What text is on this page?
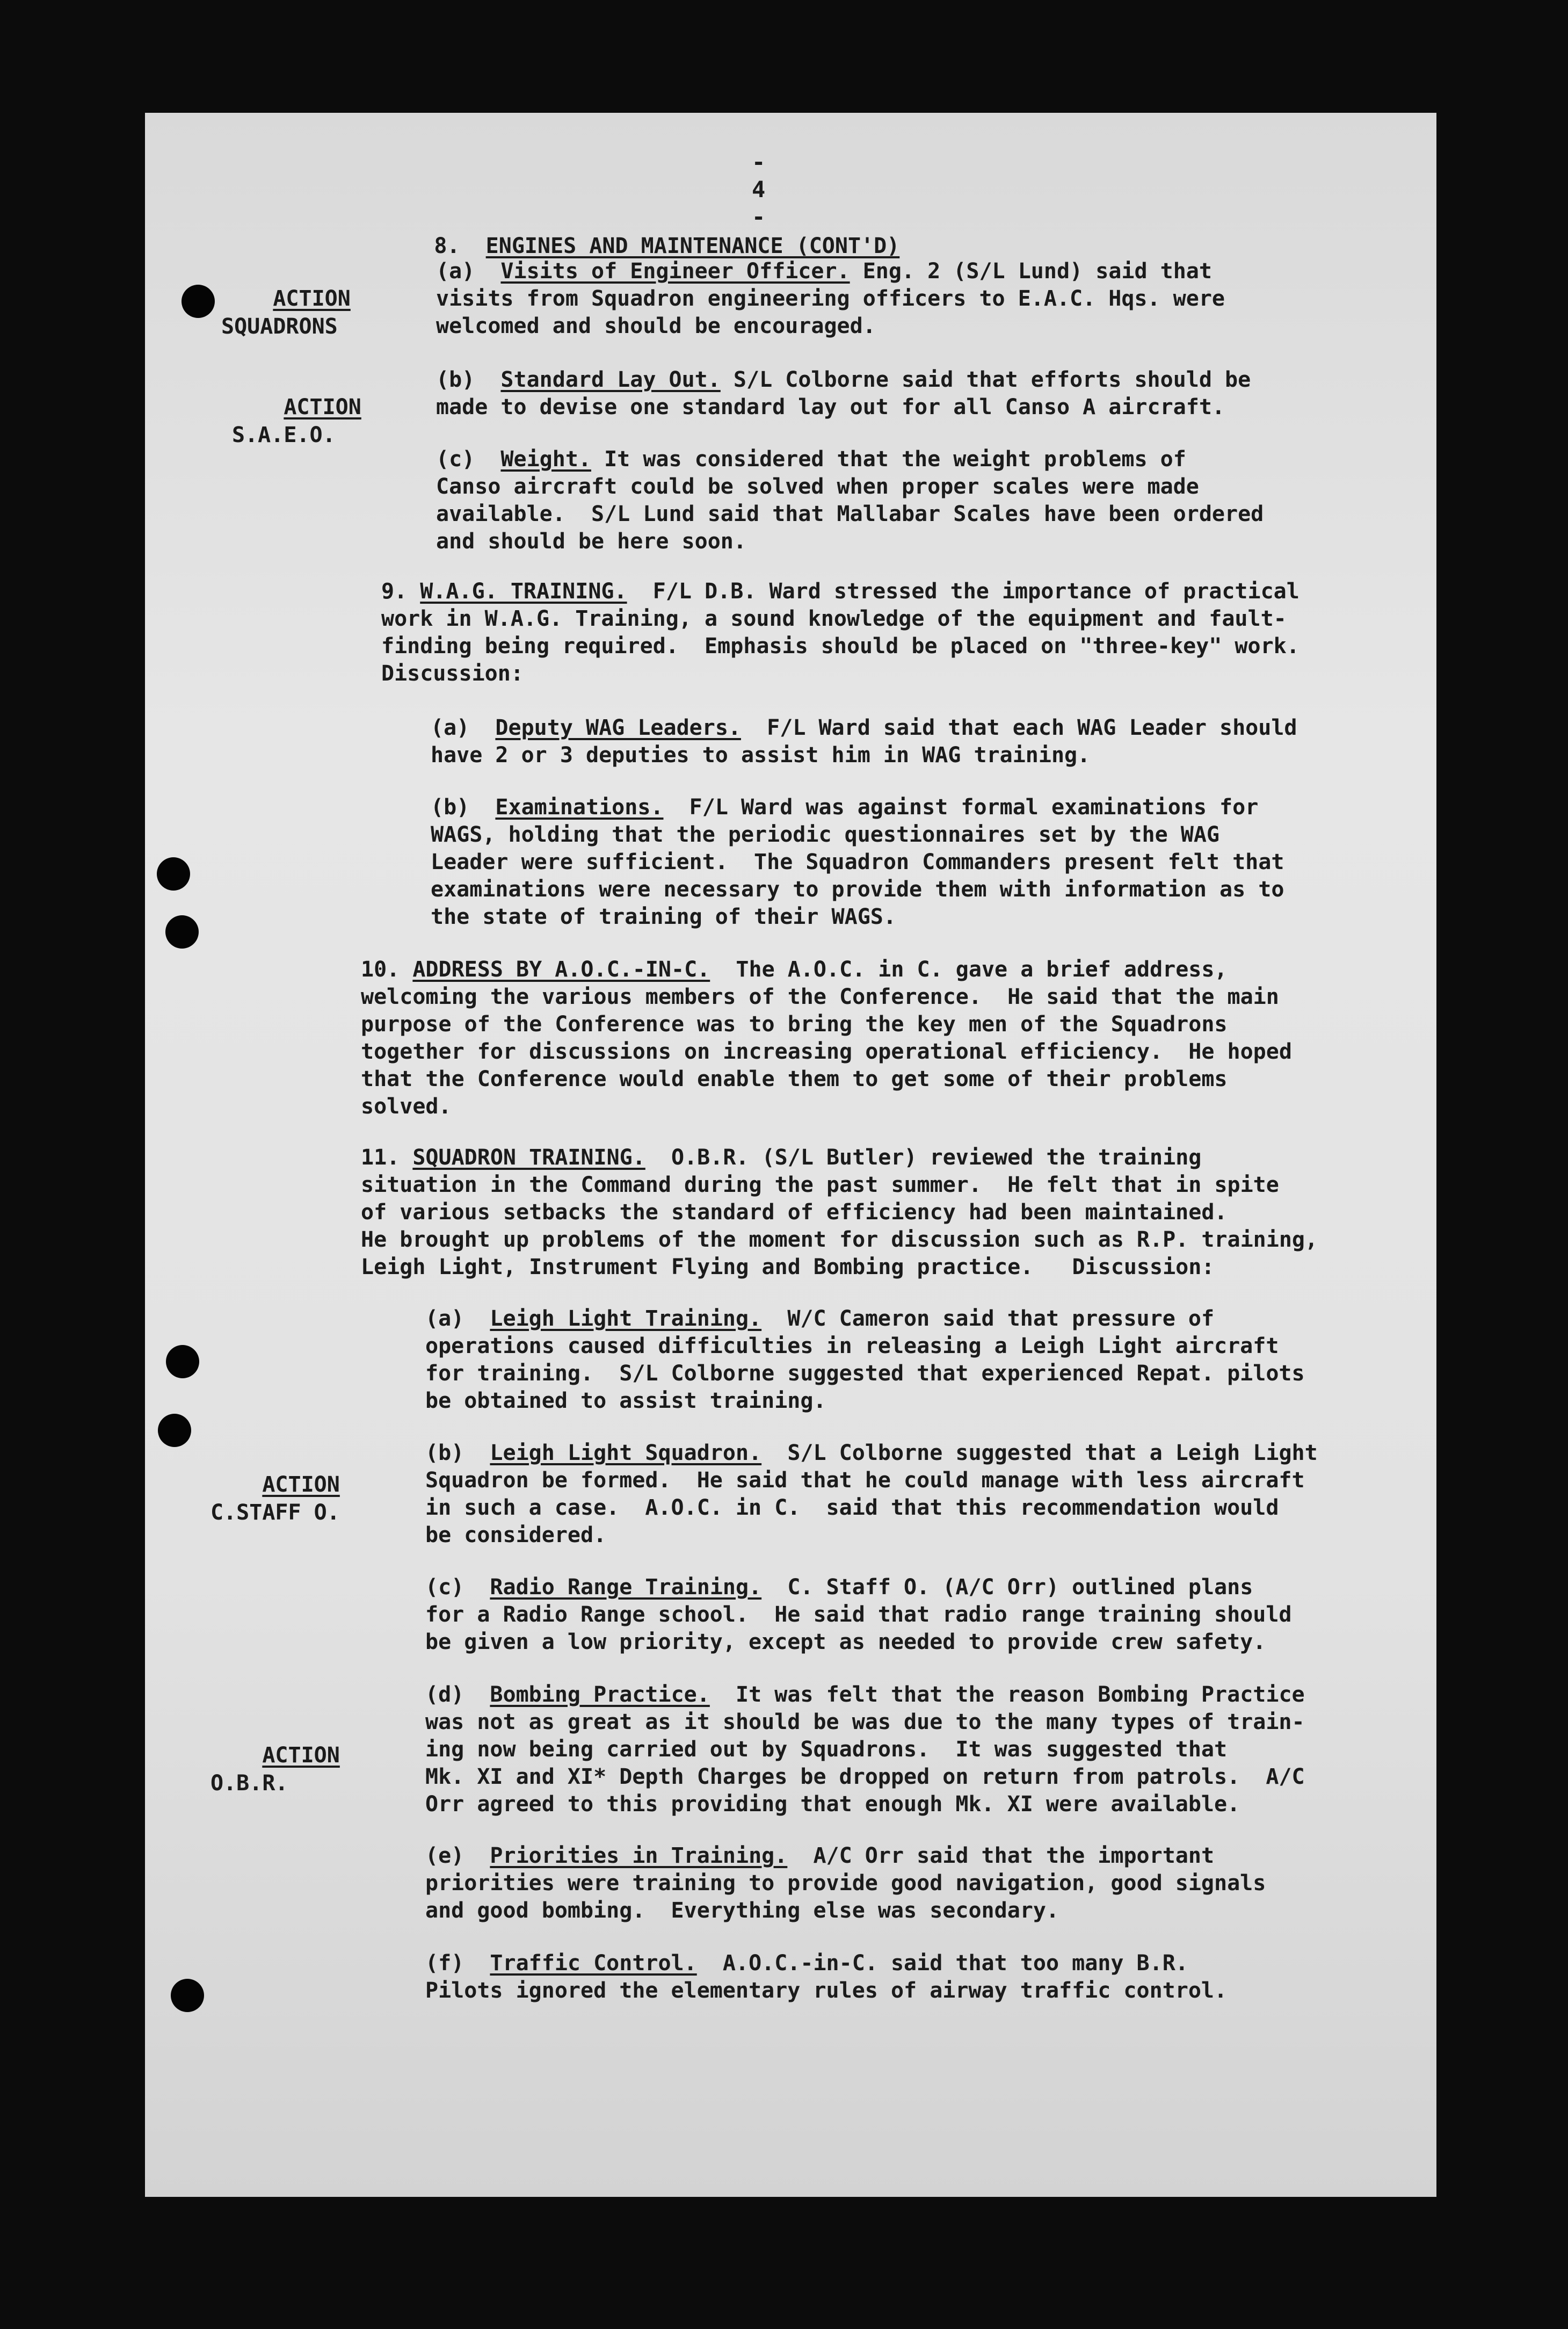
- 4 -

8. ENGINES AND MAINTENANCE (CONT'D)

ACTION
SQUADRONS

ACTION
S.A.E.O.

ACTION
C.STAFF O.

ACTION
O.B.R.

(a) Visits of Engineer Officer. Eng. 2 (S/L Lund) said that
visits from Squadron engineering officers to E.A.C. Hqs. were
welcomed and should be encouraged.
(b) Standard Lay Out. S/L Colborne said that efforts should be
made to devise one standard lay out for all Canso A aircraft.
(c) Weight. It was considered that the weight problems of
Canso aircraft could be solved when proper scales were made
available.  S/L Lund said that Mallabar Scales have been ordered
and should be here soon.
9. W.A.G. TRAINING.  F/L D.B. Ward stressed the importance of practical
work in W.A.G. Training, a sound knowledge of the equipment and fault-
finding being required.  Emphasis should be placed on "three-key" work.
Discussion:
(a) Deputy WAG Leaders.  F/L Ward said that each WAG Leader should
have 2 or 3 deputies to assist him in WAG training.
(b) Examinations.  F/L Ward was against formal examinations for
WAGS, holding that the periodic questionnaires set by the WAG
Leader were sufficient.  The Squadron Commanders present felt that
examinations were necessary to provide them with information as to
the state of training of their WAGS.
10. ADDRESS BY A.O.C.-IN-C.  The A.O.C. in C. gave a brief address,
welcoming the various members of the Conference.  He said that the main
purpose of the Conference was to bring the key men of the Squadrons
together for discussions on increasing operational efficiency.  He hoped
that the Conference would enable them to get some of their problems
solved.
11. SQUADRON TRAINING.  O.B.R. (S/L Butler) reviewed the training
situation in the Command during the past summer.  He felt that in spite
of various setbacks the standard of efficiency had been maintained.
He brought up problems of the moment for discussion such as R.P. training,
Leigh Light, Instrument Flying and Bombing practice.   Discussion:
(a) Leigh Light Training.  W/C Cameron said that pressure of
operations caused difficulties in releasing a Leigh Light aircraft
for training.  S/L Colborne suggested that experienced Repat. pilots
be obtained to assist training.
(b) Leigh Light Squadron.  S/L Colborne suggested that a Leigh Light
Squadron be formed.  He said that he could manage with less aircraft
in such a case.  A.O.C. in C.  said that this recommendation would
be considered.
(c) Radio Range Training.  C. Staff O. (A/C Orr) outlined plans
for a Radio Range school.  He said that radio range training should
be given a low priority, except as needed to provide crew safety.
(d) Bombing Practice.  It was felt that the reason Bombing Practice
was not as great as it should be was due to the many types of train-
ing now being carried out by Squadrons.  It was suggested that
Mk. XI and XI* Depth Charges be dropped on return from patrols.  A/C
Orr agreed to this providing that enough Mk. XI were available.
(e) Priorities in Training.  A/C Orr said that the important
priorities were training to provide good navigation, good signals
and good bombing.  Everything else was secondary.
(f) Traffic Control.  A.O.C.-in-C. said that too many B.R.
Pilots ignored the elementary rules of airway traffic control.
